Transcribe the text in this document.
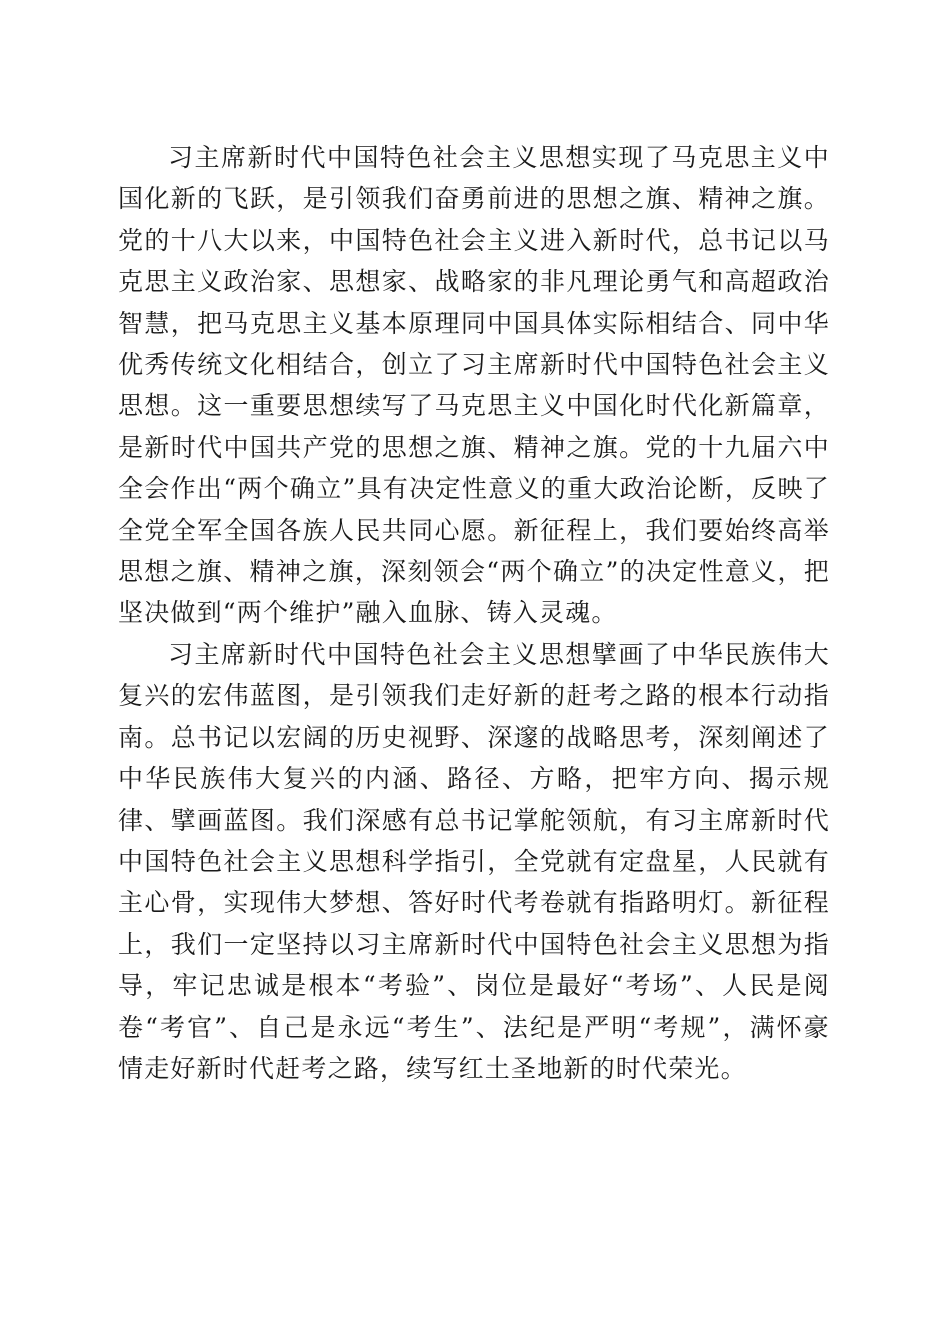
习主席新时代中国特色社会主义思想实现了马克思主义中国化新的飞跃，是引领我们奋勇前进的思想之旗、精神之旗。党的十八大以来，中国特色社会主义进入新时代，总书记以马克思主义政治家、思想家、战略家的非凡理论勇气和高超政治智慧，把马克思主义基本原理同中国具体实际相结合、同中华优秀传统文化相结合，创立了习主席新时代中国特色社会主义思想。这一重要思想续写了马克思主义中国化时代化新篇章，是新时代中国共产党的思想之旗、精神之旗。党的十九届六中全会作出“两个确立”具有决定性意义的重大政治论断，反映了全党全军全国各族人民共同心愿。新征程上，我们要始终高举思想之旗、精神之旗，深刻领会“两个确立”的决定性意义，把坚决做到“两个维护”融入血脉、铸入灵魂。

习主席新时代中国特色社会主义思想擘画了中华民族伟大复兴的宏伟蓝图，是引领我们走好新的赶考之路的根本行动指南。总书记以宏阔的历史视野、深邃的战略思考，深刻阐述了中华民族伟大复兴的内涵、路径、方略，把牢方向、揭示规律、擘画蓝图。我们深感有总书记掌舵领航，有习主席新时代中国特色社会主义思想科学指引，全党就有定盘星，人民就有主心骨，实现伟大梦想、答好时代考卷就有指路明灯。新征程上，我们一定坚持以习主席新时代中国特色社会主义思想为指导，牢记忠诚是根本“考验”、岗位是最好“考场”、人民是阅卷“考官”、自己是永远“考生”、法纪是严明“考规”，满怀豪情走好新时代赶考之路，续写红土圣地新的时代荣光。
